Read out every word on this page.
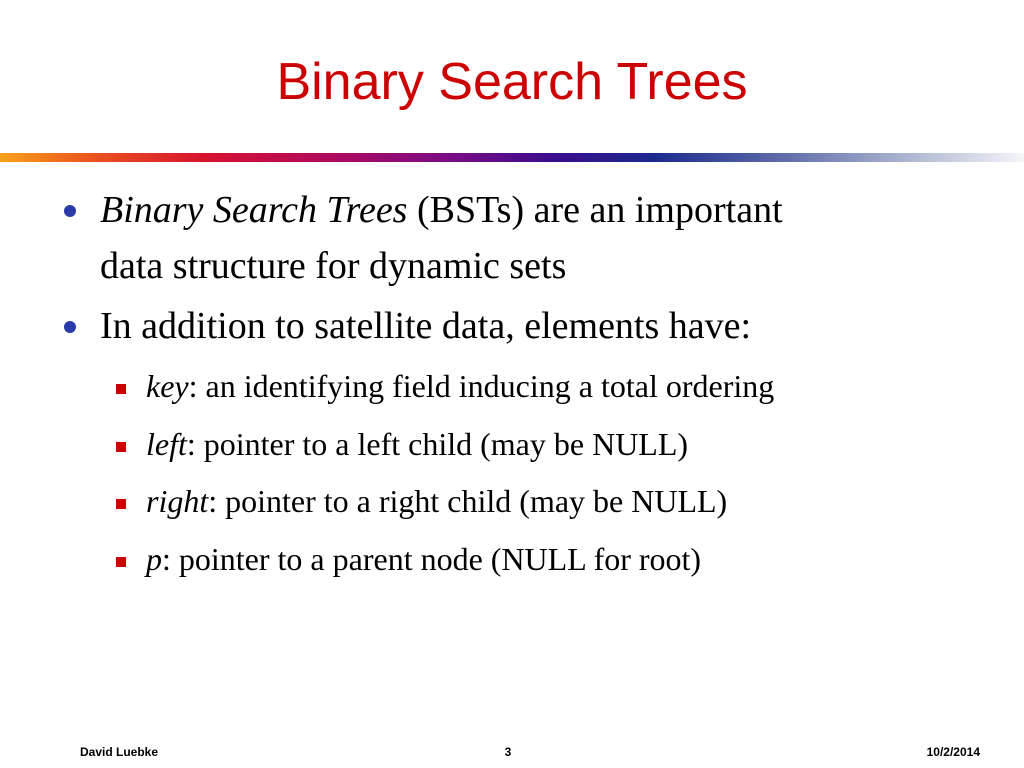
Binary Search Trees
Binary Search Trees (BSTs) are an important
data structure for dynamic sets
In addition to satellite data, elements have:
key: an identifying field inducing a total ordering
left: pointer to a left child (may be NULL)
right: pointer to a right child (may be NULL)
p: pointer to a parent node (NULL for root)
David Luebke	3	10/2/2014
